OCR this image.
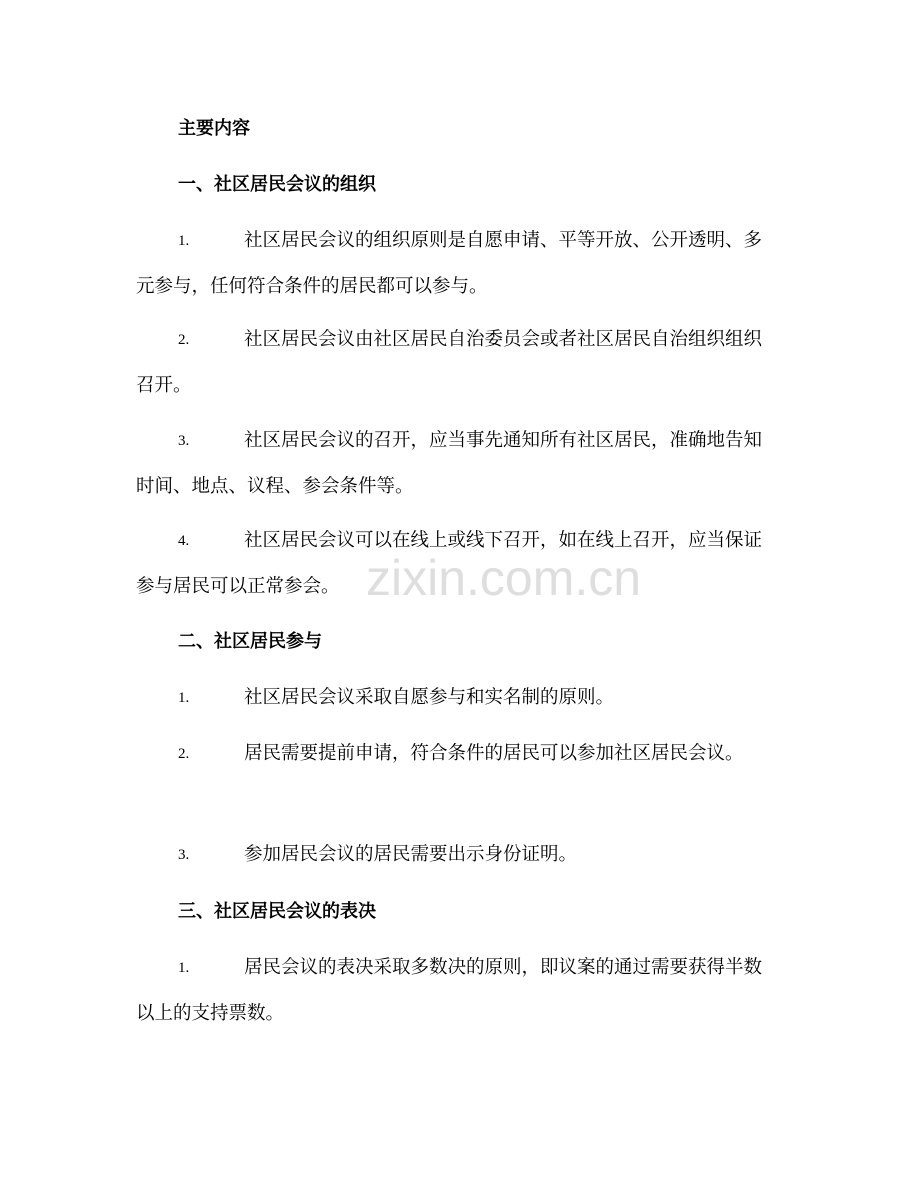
主要内容
一、社区居民会议的组织
1.	社区居民会议的组织原则是自愿申请、平等开放、公开透明、多元参与，任何符合条件的居民都可以参与。
2.	社区居民会议由社区居民自治委员会或者社区居民自治组织组织召开。
3.	社区居民会议的召开，应当事先通知所有社区居民，准确地告知时间、地点、议程、参会条件等。
4.	社区居民会议可以在线上或线下召开，如在线上召开，应当保证参与居民可以正常参会。
二、社区居民参与
1.	社区居民会议采取自愿参与和实名制的原则。
2.	居民需要提前申请，符合条件的居民可以参加社区居民会议。
3.	参加居民会议的居民需要出示身份证明。
三、社区居民会议的表决
1.	居民会议的表决采取多数决的原则，即议案的通过需要获得半数以上的支持票数。
zixin.com.cn
